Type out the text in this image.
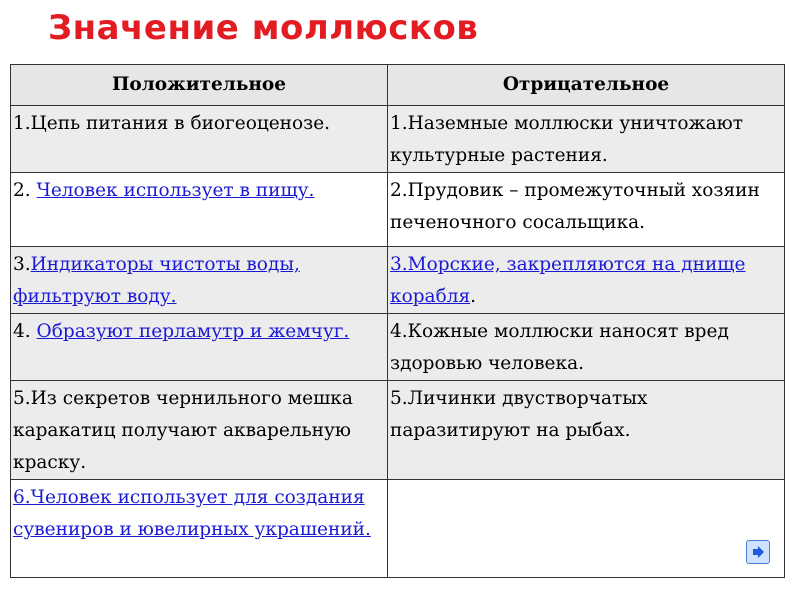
Значение моллюсков
Положительное	Отрицательное
1.Цепь питания в биогеоценозе.	1.Наземные моллюски уничтожают культурные растения.
2. Человек использует в пищу.	2.Прудовик – промежуточный хозяин печеночного сосальщика.
3.Индикаторы чистоты воды, фильтруют воду.	3.Морские, закрепляются на днище корабля.
4. Образуют перламутр и жемчуг.	4.Кожные моллюски наносят вред здоровью человека.
5.Из секретов чернильного мешка каракатиц получают акварельную краску.	5.Личинки двустворчатых паразитируют на рыбах.
6.Человек использует для создания сувениров и ювелирных украшений.	
